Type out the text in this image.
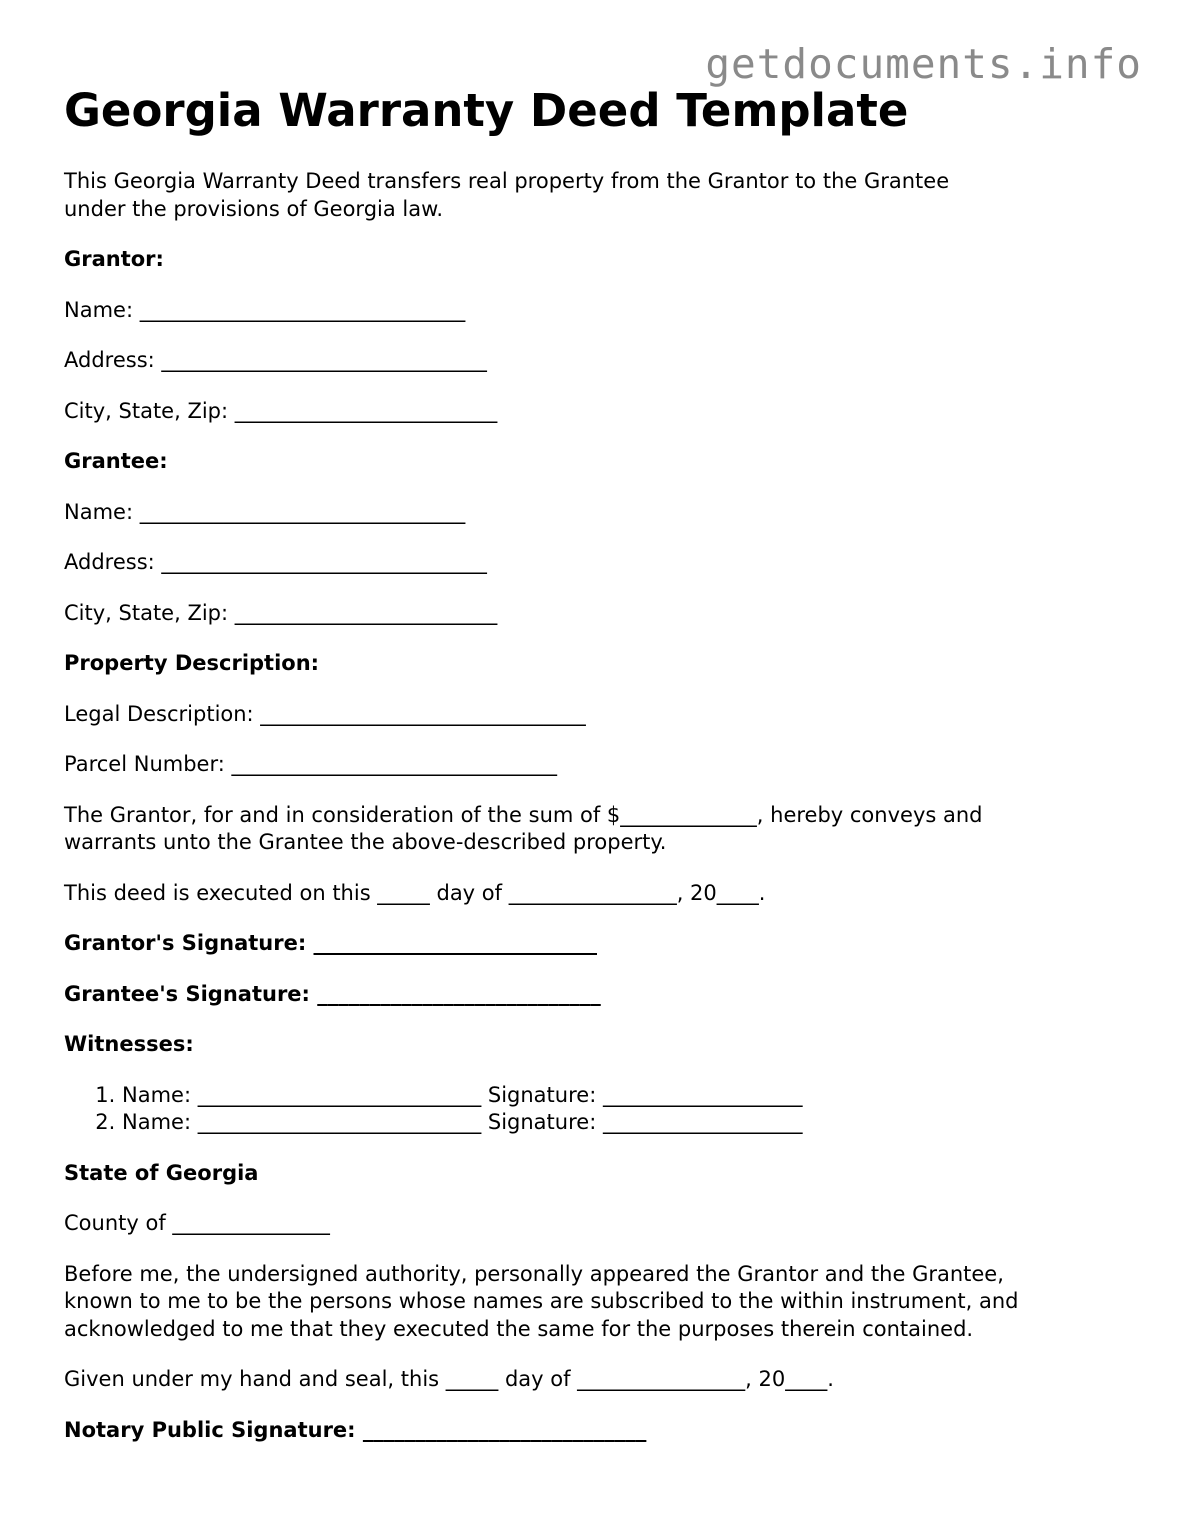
getdocuments.info
Georgia Warranty Deed Template

This Georgia Warranty Deed transfers real property from the Grantor to the Grantee
under the provisions of Georgia law.

Grantor:

Name: _______________________________

Address: _______________________________

City, State, Zip: _________________________

Grantee:

Name: _______________________________

Address: _______________________________

City, State, Zip: _________________________

Property Description:

Legal Description: _______________________________

Parcel Number: _______________________________

The Grantor, for and in consideration of the sum of $_____________, hereby conveys and
warrants unto the Grantee the above-described property.

This deed is executed on this _____ day of ________________, 20____.

Grantor's Signature: ___________________________

Grantee's Signature: ___________________________

Witnesses:

1. Name: ___________________________ Signature: ___________________
2. Name: ___________________________ Signature: ___________________

State of Georgia

County of _______________

Before me, the undersigned authority, personally appeared the Grantor and the Grantee,
known to me to be the persons whose names are subscribed to the within instrument, and
acknowledged to me that they executed the same for the purposes therein contained.

Given under my hand and seal, this _____ day of ________________, 20____.

Notary Public Signature: ___________________________
